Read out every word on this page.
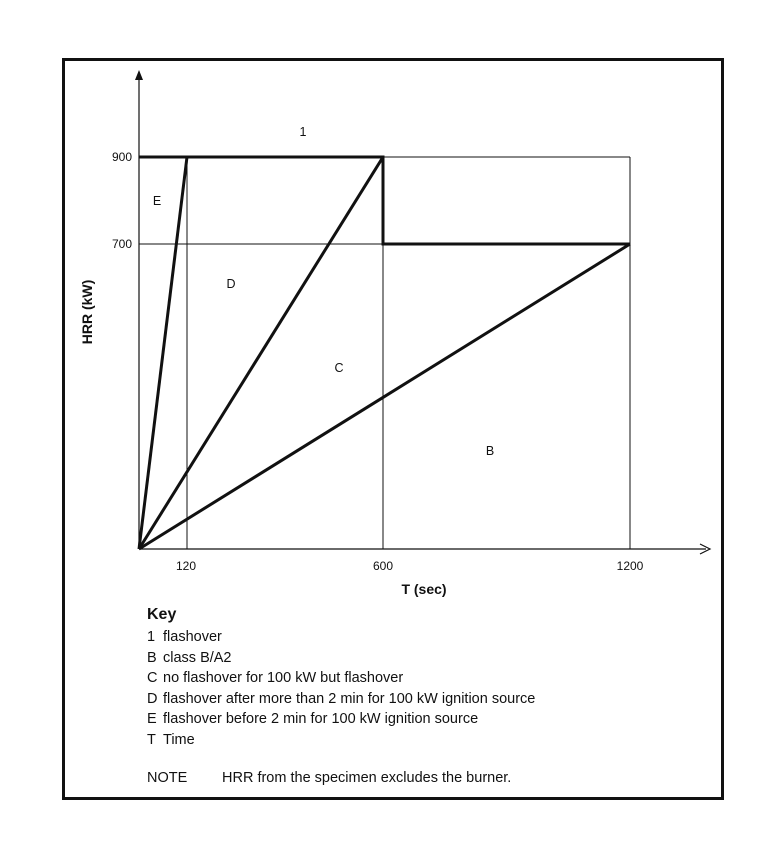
900
700
120	600	1200
T (sec)
HRR (kW)
1
E
D
C
B
Key
1 flashover
B class B/A2
C no flashover for 100 kW but flashover
D flashover after more than 2 min for 100 kW ignition source
E flashover before 2 min for 100 kW ignition source
T Time
NOTE HRR from the specimen excludes the burner.
